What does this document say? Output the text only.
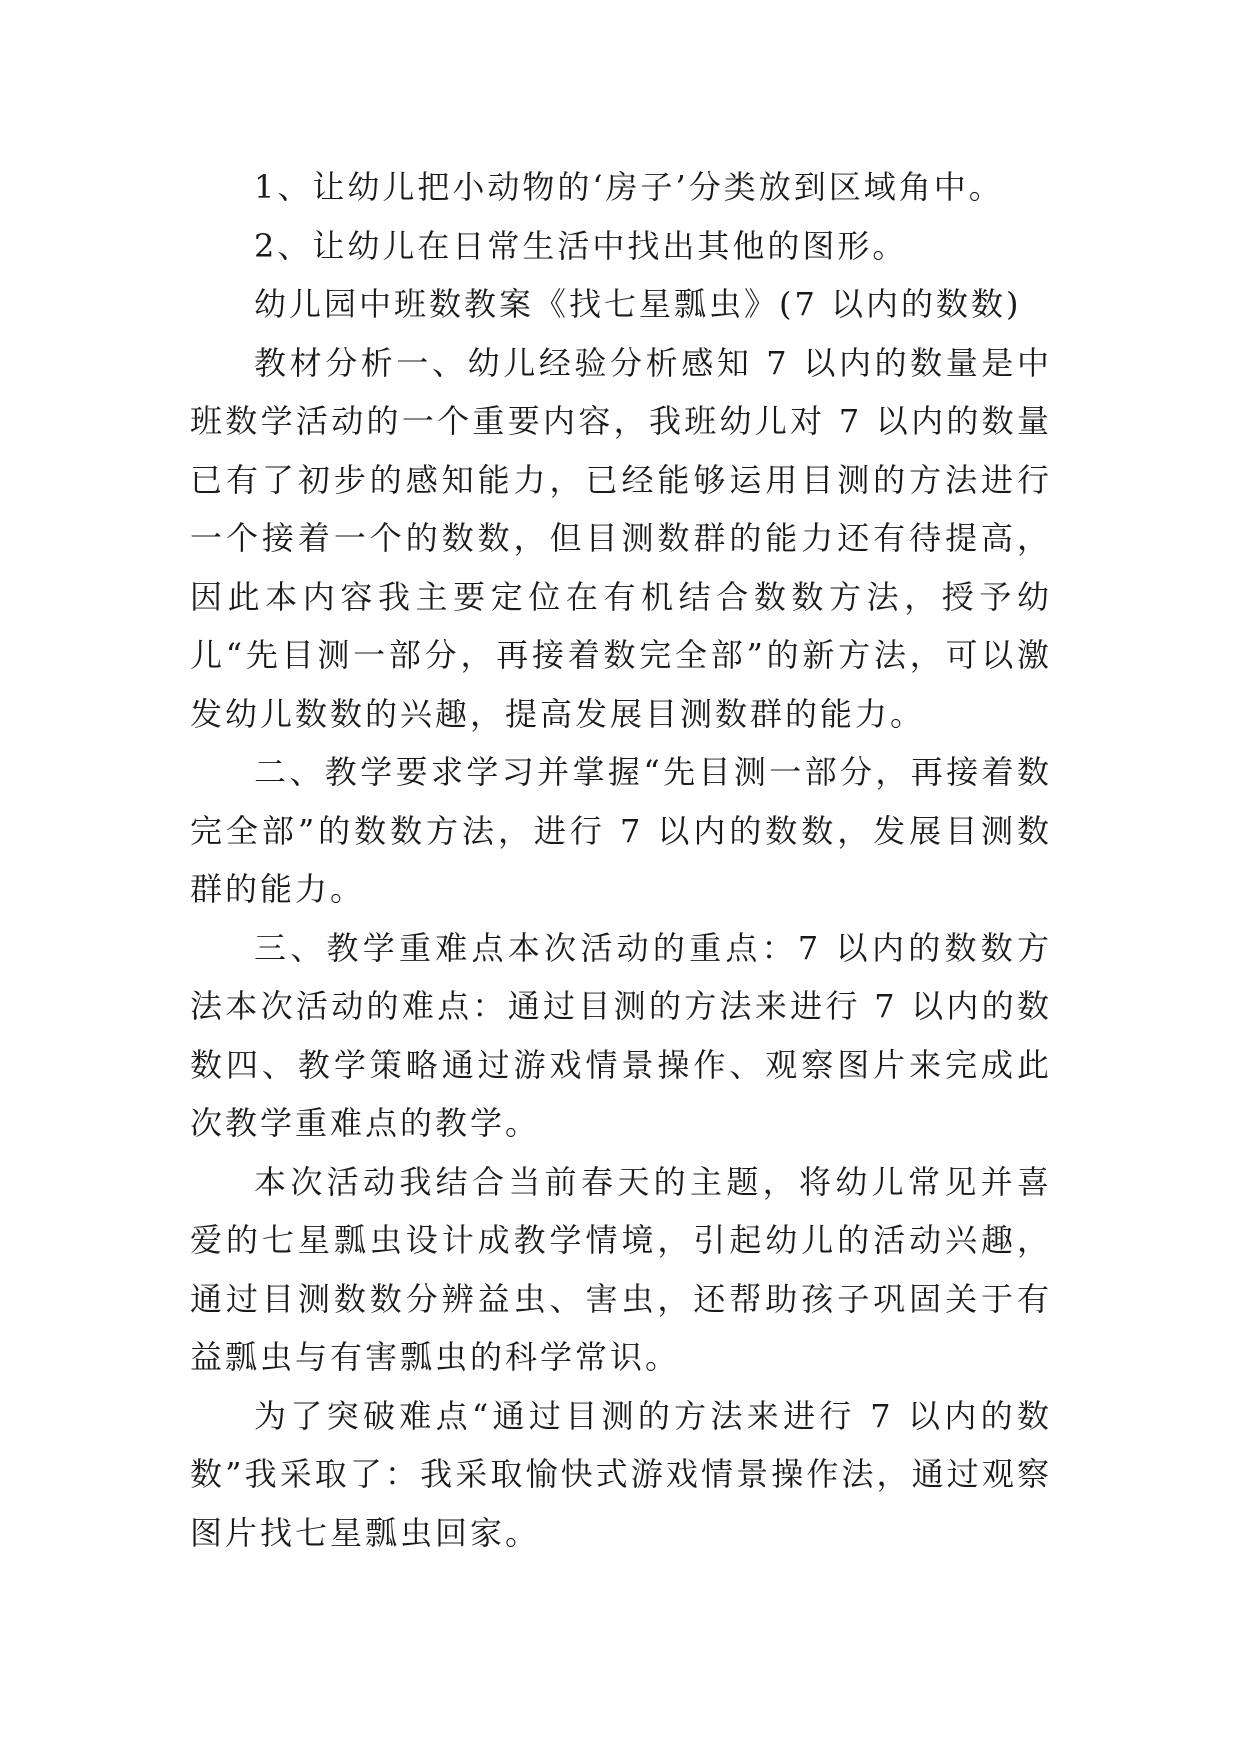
1、让幼儿把小动物的‘房子’分类放到区域角中。

2、让幼儿在日常生活中找出其他的图形。

幼儿园中班数教案《找七星瓢虫》(7 以内的数数)

教材分析一、幼儿经验分析感知 7 以内的数量是中班数学活动的一个重要内容，我班幼儿对 7 以内的数量已有了初步的感知能力，已经能够运用目测的方法进行一个接着一个的数数，但目测数群的能力还有待提高，因此本内容我主要定位在有机结合数数方法，授予幼儿“先目测一部分，再接着数完全部”的新方法，可以激发幼儿数数的兴趣，提高发展目测数群的能力。

二、教学要求学习并掌握“先目测一部分，再接着数完全部”的数数方法，进行 7 以内的数数，发展目测数群的能力。

三、教学重难点本次活动的重点：7 以内的数数方法本次活动的难点：通过目测的方法来进行 7 以内的数数四、教学策略通过游戏情景操作、观察图片来完成此次教学重难点的教学。

本次活动我结合当前春天的主题，将幼儿常见并喜爱的七星瓢虫设计成教学情境，引起幼儿的活动兴趣，通过目测数数分辨益虫、害虫，还帮助孩子巩固关于有益瓢虫与有害瓢虫的科学常识。

为了突破难点“通过目测的方法来进行 7 以内的数数”我采取了：我采取愉快式游戏情景操作法，通过观察图片找七星瓢虫回家。
